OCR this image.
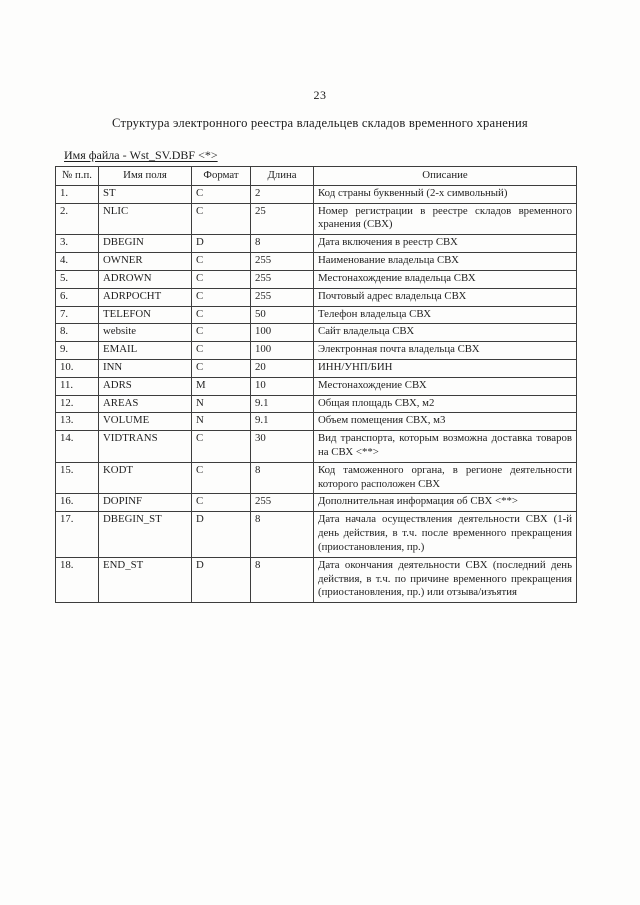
23
Структура электронного реестра владельцев складов временного хранения
Имя файла - Wst_SV.DBF <*>
№ п.п.	Имя поля	Формат	Длина	Описание
1.	ST	C	2	Код страны буквенный (2-х символьный)
2.	NLIC	C	25	Номер регистрации в реестре складов временного хранения (СВХ)
3.	DBEGIN	D	8	Дата включения в реестр СВХ
4.	OWNER	C	255	Наименование владельца СВХ
5.	ADROWN	C	255	Местонахождение владельца СВХ
6.	ADRPOCHT	C	255	Почтовый адрес владельца СВХ
7.	TELEFON	C	50	Телефон владельца СВХ
8.	website	C	100	Сайт владельца СВХ
9.	EMAIL	C	100	Электронная почта владельца СВХ
10.	INN	C	20	ИНН/УНП/БИН
11.	ADRS	M	10	Местонахождение СВХ
12.	AREAS	N	9.1	Общая площадь СВХ, м2
13.	VOLUME	N	9.1	Объем помещения СВХ, м3
14.	VIDTRANS	C	30	Вид транспорта, которым возможна доставка товаров на СВХ <**>
15.	KODT	C	8	Код таможенного органа, в регионе деятельности которого расположен СВХ
16.	DOPINF	C	255	Дополнительная информация об СВХ <**>
17.	DBEGIN_ST	D	8	Дата начала осуществления деятельности СВХ (1-й день действия, в т.ч. после временного прекращения (приостановления, пр.)
18.	END_ST	D	8	Дата окончания деятельности СВХ (последний день действия, в т.ч. по причине временного прекращения (приостановления, пр.) или отзыва/изъятия
